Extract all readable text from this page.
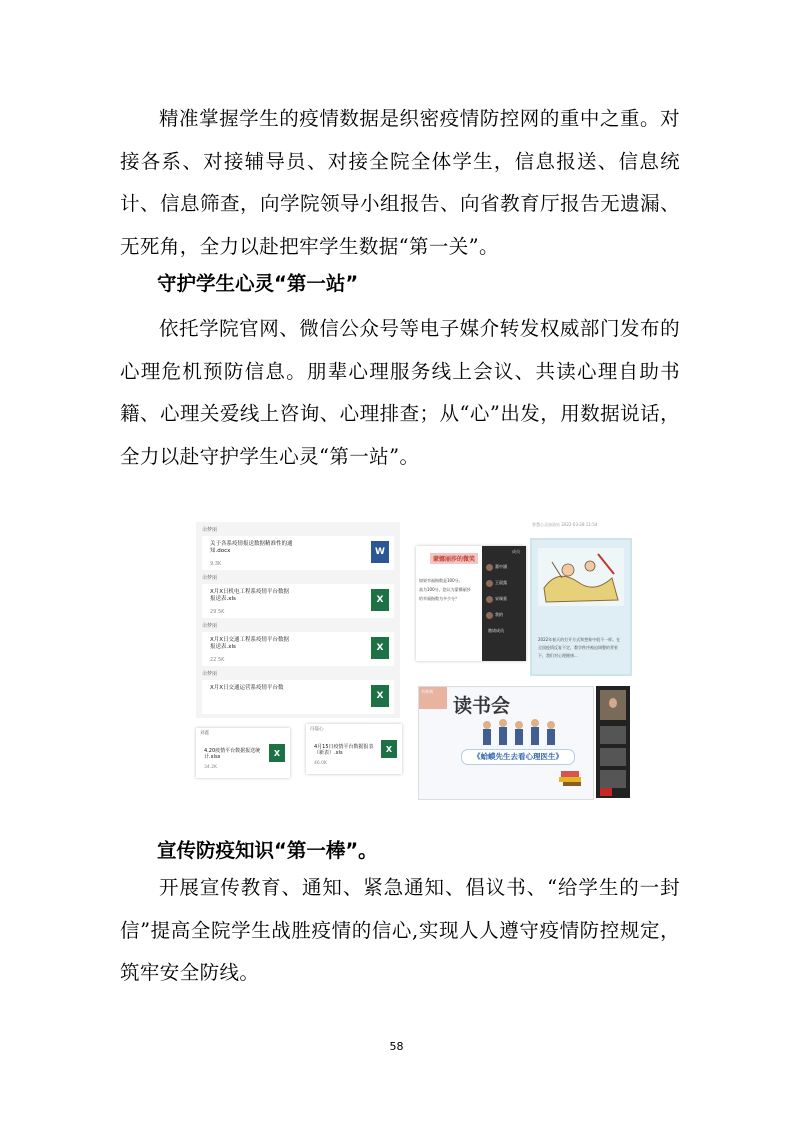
精准掌握学生的疫情数据是织密疫情防控网的重中之重。对接各系、对接辅导员、对接全院全体学生，信息报送、信息统计、信息筛查，向学院领导小组报告、向省教育厅报告无遗漏、无死角，全力以赴把牢学生数据“第一关”。

守护学生心灵“第一站”

依托学院官网、微信公众号等电子媒介转发权威部门发布的心理危机预防信息。朋辈心理服务线上会议、共读心理自助书籍、心理关爱线上咨询、心理排查；从“心”出发，用数据说话，全力以赴守护学生心灵“第一站”。

余梦丽
关于各系疫情报送数据精准性的通知.docx
9.3K
W
余梦丽
X月X日机电工程系疫情平台数据报送表.xls
29.5K
X
余梦丽
X月X日交通工程系疫情平台数据报送表.xls
22.5K
X
余梦丽
X月X日交通运营系疫情平台数
X
刘鑫
4.20疫情平台数据报送统计.xlsx
34.2K
X
冯磊心
4月15日疫情平台数据报表（新表）.xls
46.0K
X
蒙娜丽莎的微笑
如果幸福指数是100分,
高为100分，您认为蒙娜丽莎
的幸福指数为多少分？
成员
董中涵
王晨露
宋瑞嘉
我的
邀请成员
智慧心灵加油站 2022-03-28 11:54
2022年春天的打开方式和想象中很不一样。在全国疫情反复不定，教学秩序被迫调整的背景下，我们对心理健康...
书香满
读书会
《蛤蟆先生去看心理医生》

宣传防疫知识“第一棒”。

开展宣传教育、通知、紧急通知、倡议书、“给学生的一封信”提高全院学生战胜疫情的信心,实现人人遵守疫情防控规定，筑牢安全防线。

58
